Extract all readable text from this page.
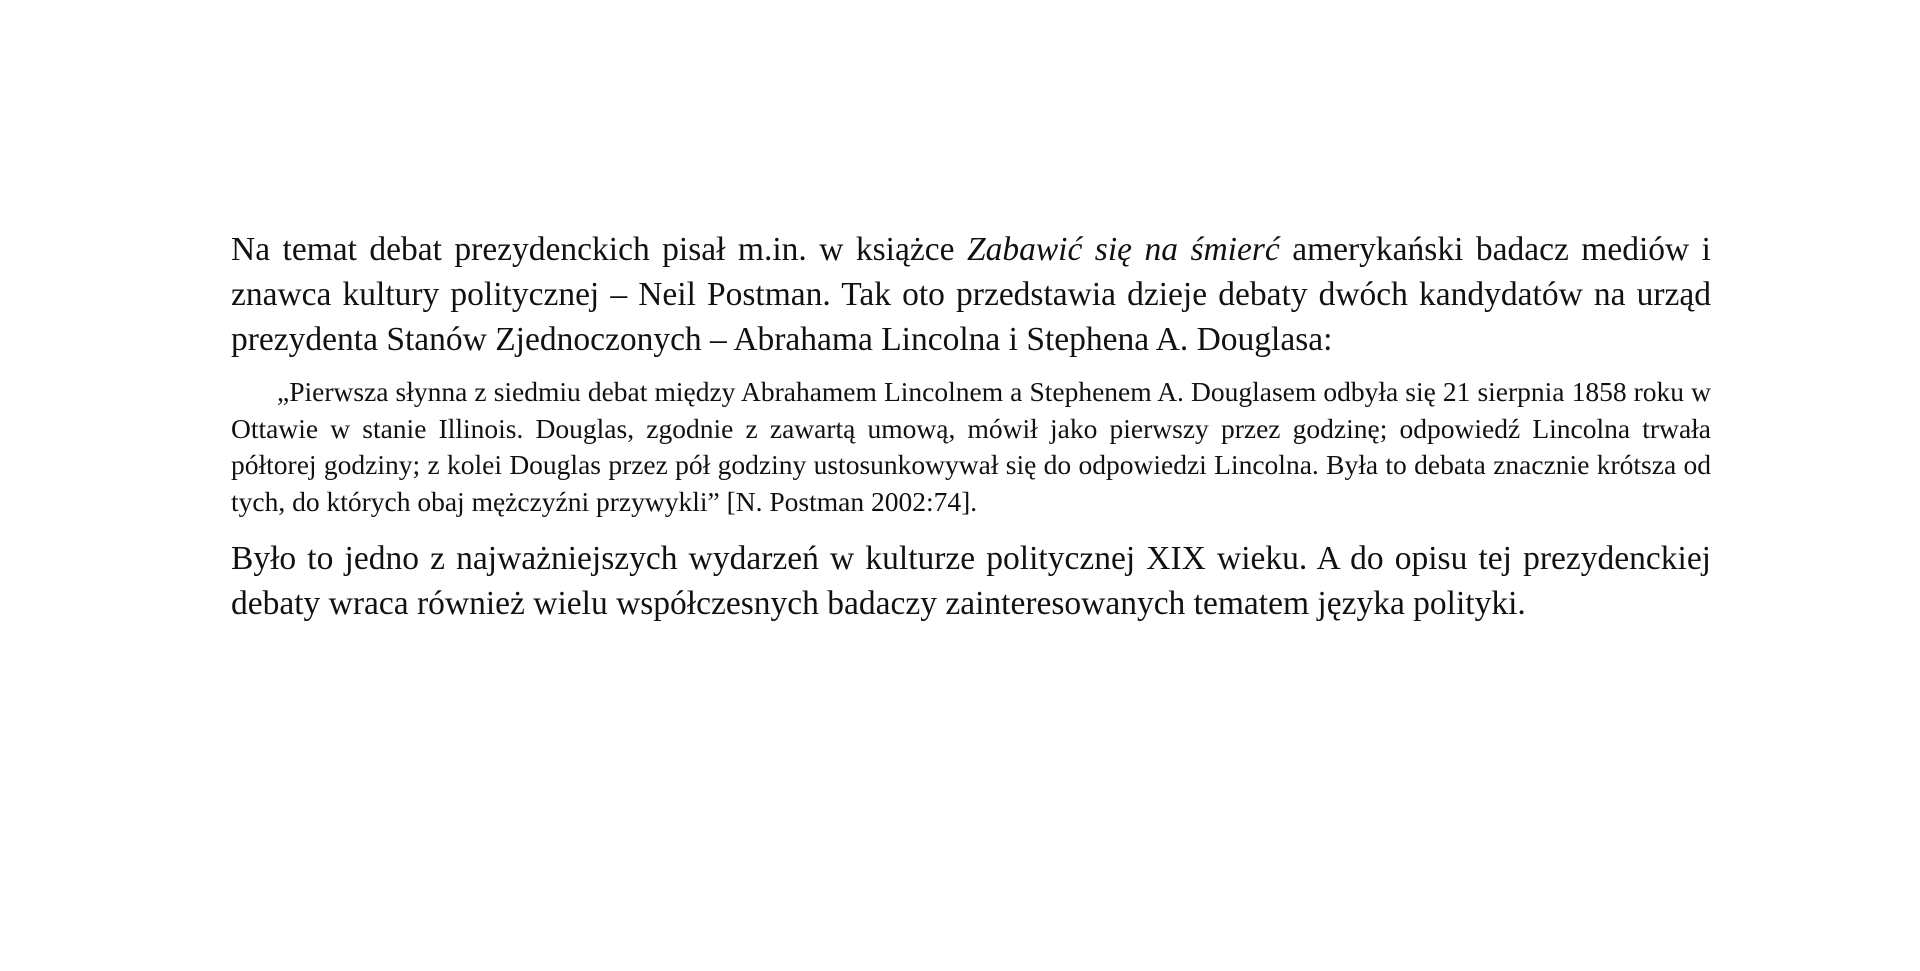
Na temat debat prezydenckich pisał m.in. w książce Zabawić się na śmierć amerykański badacz mediów i znawca kultury politycznej – Neil Postman. Tak oto przedstawia dzieje debaty dwóch kandydatów na urząd prezydenta Stanów Zjednoczonych – Abrahama Lincolna i Stephena A. Douglasa:

„Pierwsza słynna z siedmiu debat między Abrahamem Lincolnem a Stephenem A. Douglasem odbyła się 21 sierpnia 1858 roku w Ottawie w stanie Illinois. Douglas, zgodnie z zawartą umową, mówił jako pierwszy przez godzinę; odpowiedź Lincolna trwała półtorej godziny; z kolei Douglas przez pół godziny ustosunkowywał się do odpowiedzi Lincolna. Była to debata znacznie krótsza od tych, do których obaj mężczyźni przywykli” [N. Postman 2002:74].

Było to jedno z najważniejszych wydarzeń w kulturze politycznej XIX wieku. A do opisu tej prezydenckiej debaty wraca również wielu współczesnych badaczy zainteresowanych tematem języka polityki.
